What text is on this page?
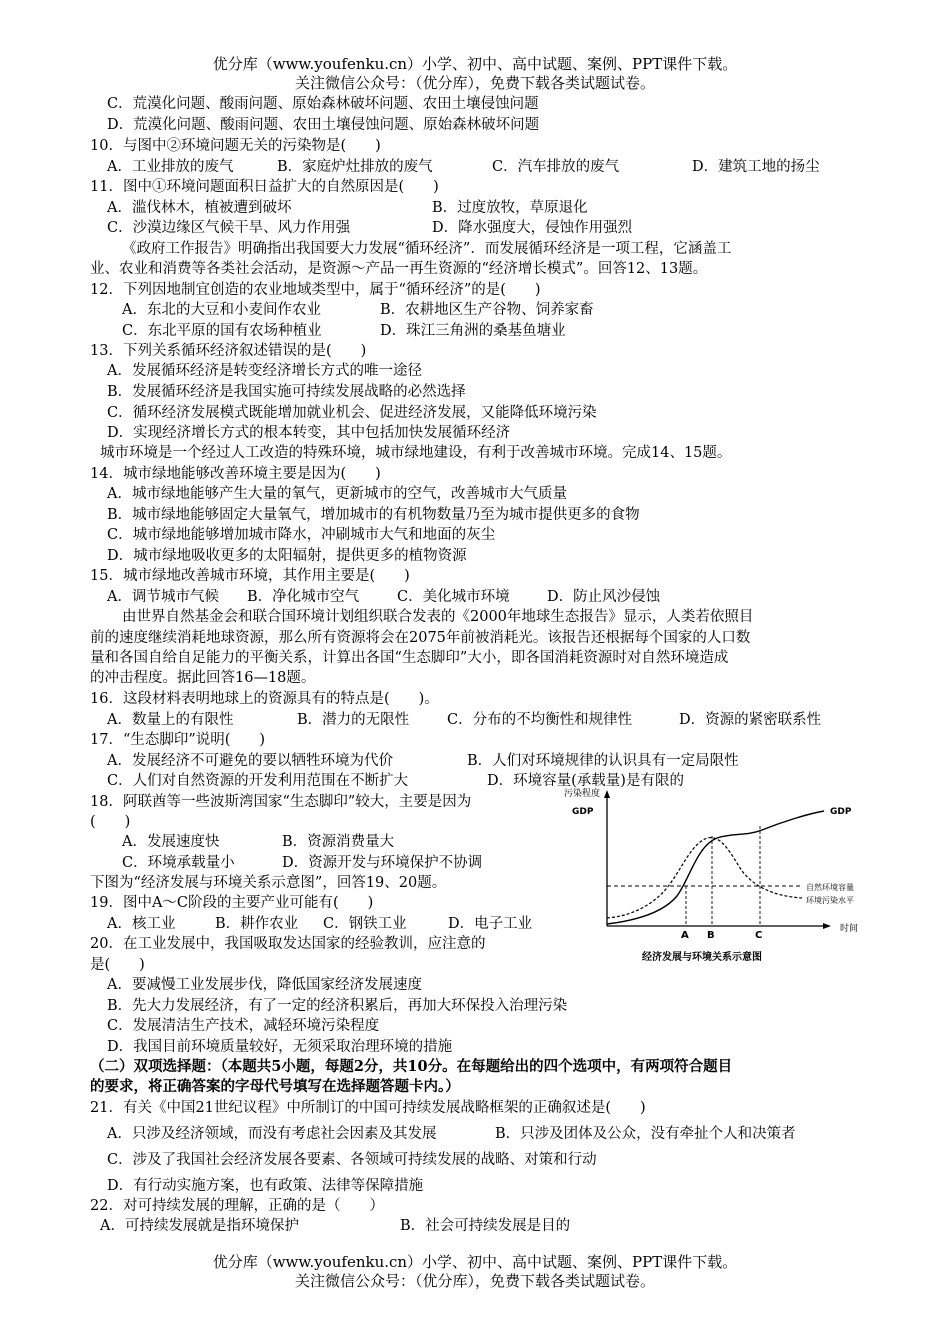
优分库（www.youfenku.cn）小学、初中、高中试题、案例、PPT课件下载。
关注微信公众号：（优分库），免费下载各类试题试卷。
C．荒漠化问题、酸雨问题、原始森林破坏问题、农田土壤侵蚀问题
D．荒漠化问题、酸雨问题、农田土壤侵蚀问题、原始森林破坏问题
10．与图中②环境问题无关的污染物是(　　)
A．工业排放的废气	B．家庭炉灶排放的废气	C．汽车排放的废气	D．建筑工地的扬尘
11．图中①环境问题面积日益扩大的自然原因是(　　)
A．滥伐林木，植被遭到破坏	B．过度放牧，草原退化
C．沙漠边缘区气候干旱、风力作用强	D．降水强度大，侵蚀作用强烈
《政府工作报告》明确指出我国要大力发展“循环经济”．而发展循环经济是一项工程，它涵盖工
业、农业和消费等各类社会活动，是资源～产品一再生资源的“经济增长模式”。回答12、13题。
12．下列因地制宜创造的农业地域类型中，属于“循环经济”的是(　　)
A．东北的大豆和小麦间作农业	B．农耕地区生产谷物、饲养家畜
C．东北平原的国有农场种植业	D．珠江三角洲的桑基鱼塘业
13．下列关系循环经济叙述错误的是(　　)
A．发展循环经济是转变经济增长方式的唯一途径
B．发展循环经济是我国实施可持续发展战略的必然选择
C．循环经济发展模式既能增加就业机会、促进经济发展，又能降低环境污染
D．实现经济增长方式的根本转变，其中包括加快发展循环经济
城市环境是一个经过人工改造的特殊环境，城市绿地建设，有利于改善城市环境。完成14、15题。
14．城市绿地能够改善环境主要是因为(　　)
A．城市绿地能够产生大量的氧气，更新城市的空气，改善城市大气质量
B．城市绿地能够固定大量氧气，增加城市的有机物数量乃至为城市提供更多的食物
C．城市绿地能够增加城市降水，冲刷城市大气和地面的灰尘
D．城市绿地吸收更多的太阳辐射，提供更多的植物资源
15．城市绿地改善城市环境，其作用主要是(　　)
A．调节城市气候 B．净化城市空气	C．美化城市环境	D．防止风沙侵蚀
由世界自然基金会和联合国环境计划组织联合发表的《2000年地球生态报告》显示，人类若依照目
前的速度继续消耗地球资源，那么所有资源将会在2075年前被消耗光。该报告还根据每个国家的人口数
量和各国自给自足能力的平衡关系，计算出各国“生态脚印”大小，即各国消耗资源时对自然环境造成
的冲击程度。据此回答16—18题。
16．这段材料表明地球上的资源具有的特点是(　　)。
A．数量上的有限性	B．潜力的无限性	C．分布的不均衡性和规律性	D．资源的紧密联系性
17．“生态脚印”说明(　　)
A．发展经济不可避免的要以牺牲环境为代价	B．人们对环境规律的认识具有一定局限性
C．人们对自然资源的开发利用范围在不断扩大	D．环境容量(承载量)是有限的
18．阿联酋等一些波斯湾国家“生态脚印”较大，主要是因为
(　　)
A．发展速度快	B．资源消费量大
C．环境承载量小	D．资源开发与环境保护不协调
下图为“经济发展与环境关系示意图”，回答19、20题。
19．图中A～C阶段的主要产业可能有(　　)
A．核工业	B．耕作农业 C．钢铁工业	D．电子工业
20．在工业发展中，我国吸取发达国家的经验教训，应注意的
是(　　)
A．要减慢工业发展步伐，降低国家经济发展速度
B．先大力发展经济，有了一定的经济积累后，再加大环保投入治理污染
C．发展清洁生产技术，减轻环境污染程度
D．我国目前环境质量较好，无须采取治理环境的措施
（二）双项选择题：（本题共5小题，每题2分，共10分。在每题给出的四个选项中，有两项符合题目
的要求，将正确答案的字母代号填写在选择题答题卡内。）
21．有关《中国21世纪议程》中所制订的中国可持续发展战略框架的正确叙述是(　　)
A．只涉及经济领域，而没有考虑社会因素及其发展	B．只涉及团体及公众，没有牵扯个人和决策者
C．涉及了我国社会经济发展各要素、各领域可持续发展的战略、对策和行动
D．有行动实施方案，也有政策、法律等保障措施
22．对可持续发展的理解，正确的是（　　）
A．可持续发展就是指环境保护	B．社会可持续发展是目的
污染程度
GDP
时间
A B	C
GDP
自然环境容量
环境污染水平
经济发展与环境关系示意图
优分库（www.youfenku.cn）小学、初中、高中试题、案例、PPT课件下载。
关注微信公众号：（优分库），免费下载各类试题试卷。
